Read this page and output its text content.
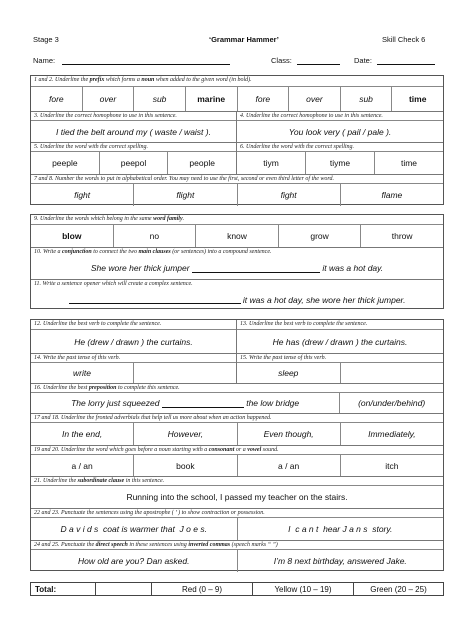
Stage 3	‘Grammar Hammer’	Skill Check 6
Name:	Class:	Date:
1 and 2. Underline the prefix which forms a noun when added to the given word (in bold).
fore	over	sub	marine	fore	over	sub	time
3. Underline the correct homophone to use in this sentence.
I tied the belt around my ( waste / waist ).
4. Underline the correct homophone to use in this sentence.
You look very ( pail / pale ).
5. Underline the word with the correct spelling.
peeple	peepol	people
6. Underline the word with the correct spelling.
tiym	tiyme	time
7 and 8. Number the words to put in alphabetical order. You may need to use the first, second or even third letter of the word.
fight	flight	fight	flame
9. Underline the words which belong in the same word family.
blow	no	know	grow	throw
10. Write a conjunction to connect the two main clauses (or sentences) into a compound sentence.
She wore her thick jumper

	it was a hot day.
11. Write a sentence opener which will create a complex sentence.

it was a hot day, she wore her thick jumper.
12. Underline the best verb to complete the sentence.
He (drew / drawn ) the curtains.
13. Underline the best verb to complete the sentence.
He has (drew / drawn ) the curtains.
14. Write the past tense of this verb.
write
15. Write the past tense of this verb.
sleep
16. Underline the best preposition to complete this sentence.
The lorry just squeezed

	the low bridge	(on/under/behind)
17 and 18. Underline the fronted adverbials that help tell us more about when an action happened.
In the end,	However,	Even though,	Immediately,
19 and 20. Underline the word which goes before a noun starting with a consonant or a vowel sound.
a / an	book	a / an	itch
21. Underline the subordinate clause in this sentence.
Running into the school, I passed my teacher on the stairs.
22 and 23. Punctuate the sentences using the apostrophe ( ’ ) to show contraction or possession.
D a v i d s  coat is warmer that  J o e s.	I  c a n t  hear J a n s  story.
24 and 25. Punctuate the direct speech in these sentences using inverted commas (speech marks “ ”)
How old are you? Dan asked.	I’m 8 next birthday, answered Jake.
Total:	Red (0 – 9)	Yellow (10 – 19)	Green (20 – 25)
